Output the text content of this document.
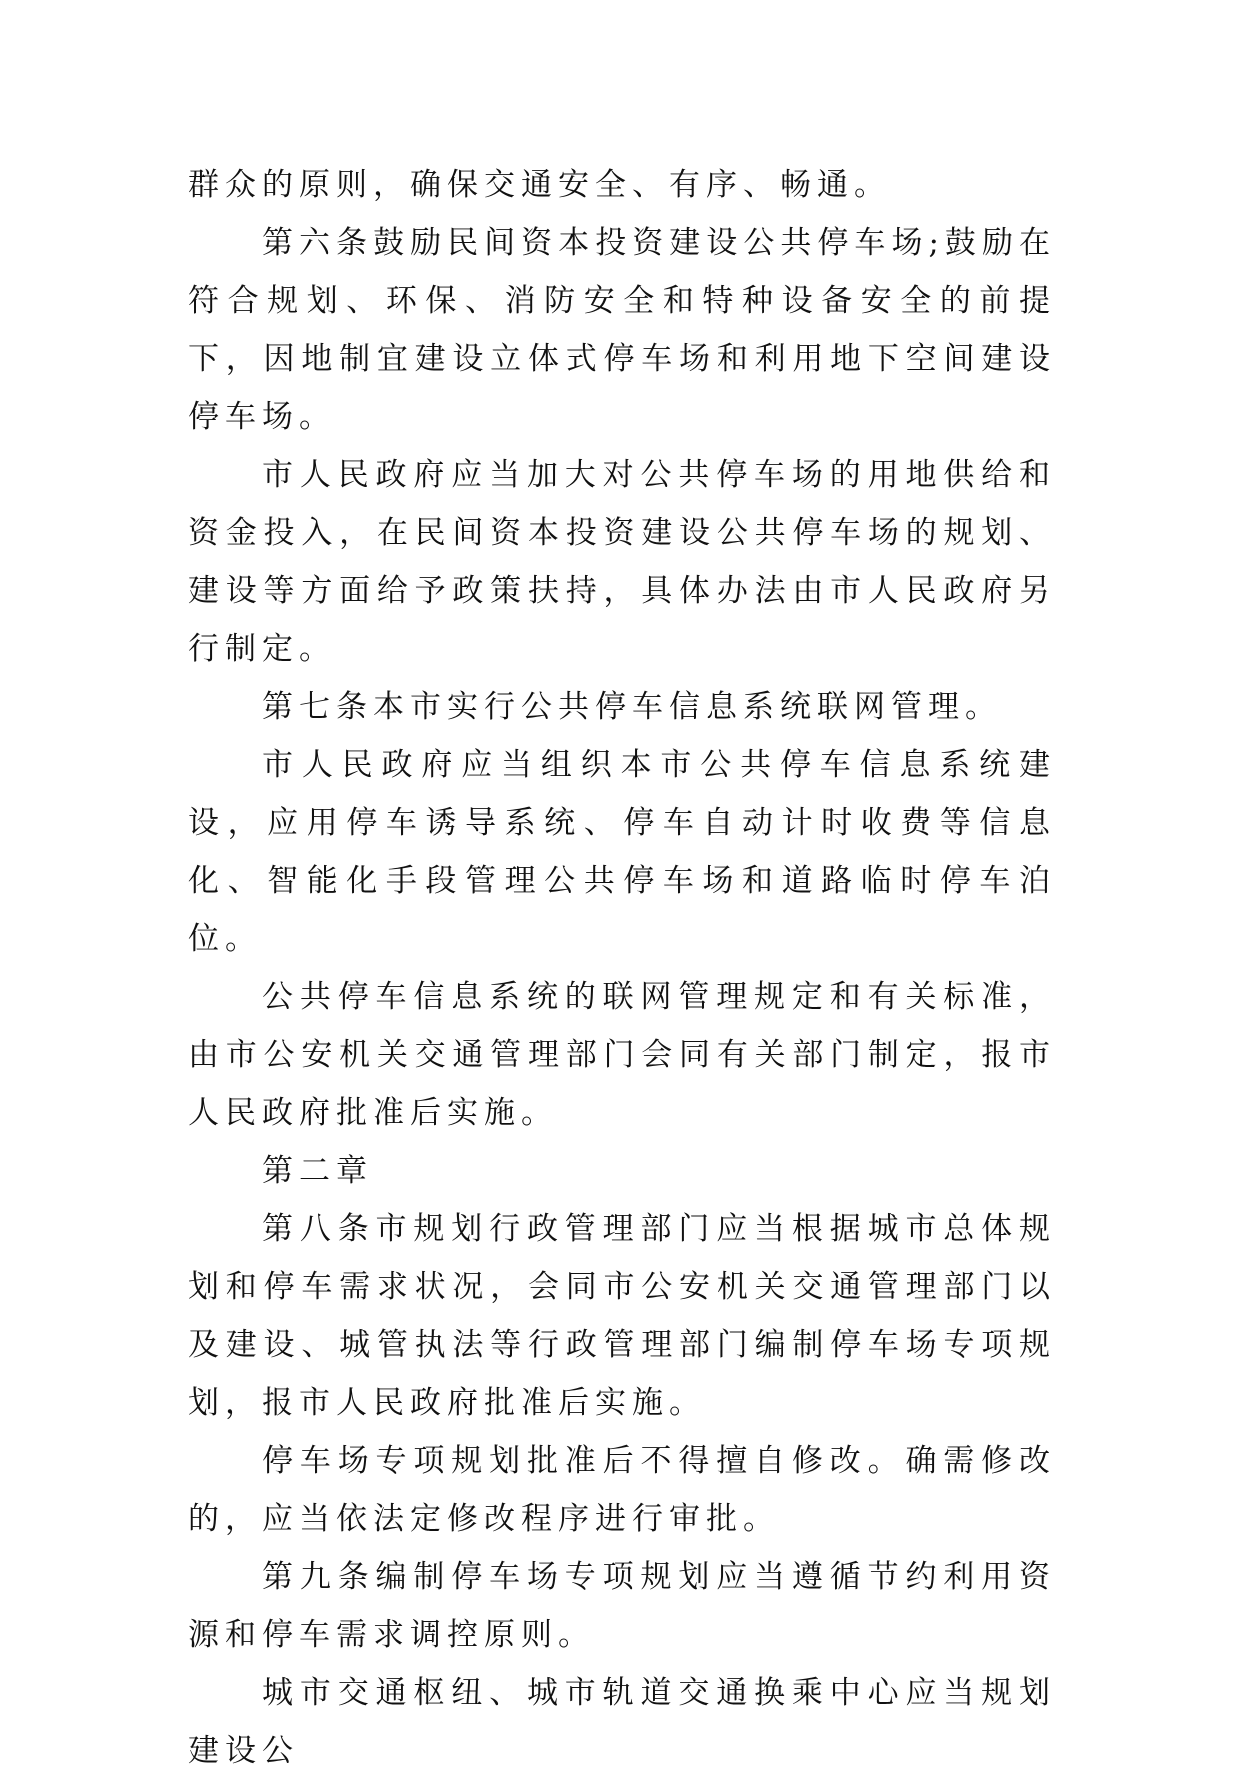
群众的原则，确保交通安全、有序、畅通。

第六条鼓励民间资本投资建设公共停车场;鼓励在符合规划、环保、消防安全和特种设备安全的前提下，因地制宜建设立体式停车场和利用地下空间建设停车场。

市人民政府应当加大对公共停车场的用地供给和资金投入，在民间资本投资建设公共停车场的规划、建设等方面给予政策扶持，具体办法由市人民政府另行制定。

第七条本市实行公共停车信息系统联网管理。

市人民政府应当组织本市公共停车信息系统建设，应用停车诱导系统、停车自动计时收费等信息化、智能化手段管理公共停车场和道路临时停车泊位。

公共停车信息系统的联网管理规定和有关标准，由市公安机关交通管理部门会同有关部门制定，报市人民政府批准后实施。

第二章

第八条市规划行政管理部门应当根据城市总体规划和停车需求状况，会同市公安机关交通管理部门以及建设、城管执法等行政管理部门编制停车场专项规划，报市人民政府批准后实施。

停车场专项规划批准后不得擅自修改。确需修改的，应当依法定修改程序进行审批。

第九条编制停车场专项规划应当遵循节约利用资源和停车需求调控原则。

城市交通枢纽、城市轨道交通换乘中心应当规划建设公
